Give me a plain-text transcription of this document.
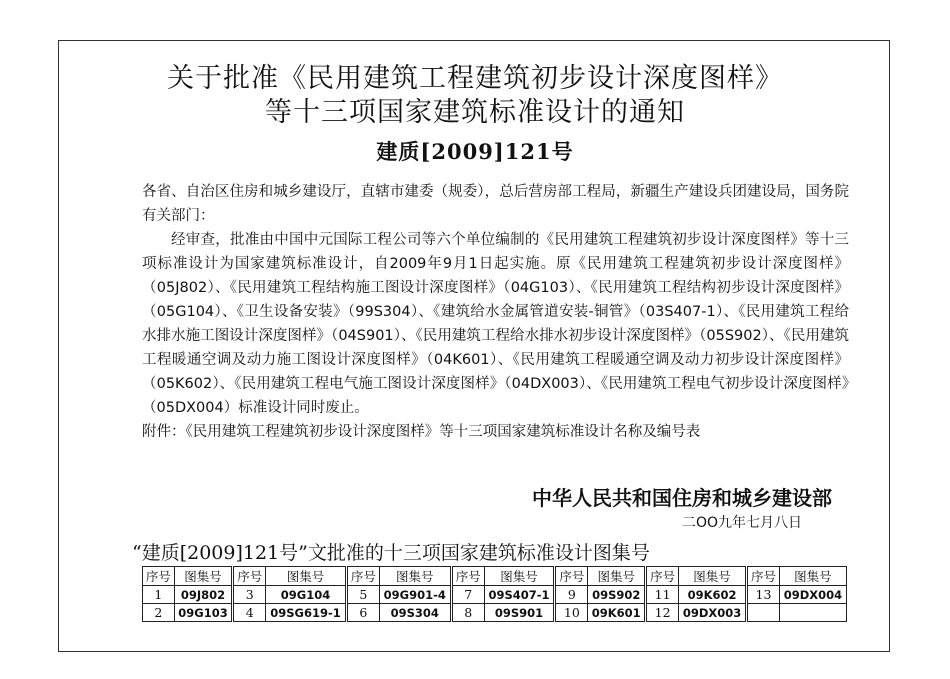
关于批准《民用建筑工程建筑初步设计深度图样》
等十三项国家建筑标准设计的通知
建质[2009]121号

各省、自治区住房和城乡建设厅，直辖市建委（规委），总后营房部工程局，新疆生产建设兵团建设局，国务院有关部门：

经审查，批准由中国中元国际工程公司等六个单位编制的《民用建筑工程建筑初步设计深度图样》等十三项标准设计为国家建筑标准设计，自2009年9月1日起实施。原《民用建筑工程建筑初步设计深度图样》（05J802）、《民用建筑工程结构施工图设计深度图样》（04G103）、《民用建筑工程结构初步设计深度图样》（05G104）、《卫生设备安装》（99S304）、《建筑给水金属管道安装-铜管》（03S407-1）、《民用建筑工程给水排水施工图设计深度图样》（04S901）、《民用建筑工程给水排水初步设计深度图样》（05S902）、《民用建筑工程暖通空调及动力施工图设计深度图样》（04K601）、《民用建筑工程暖通空调及动力初步设计深度图样》（05K602）、《民用建筑工程电气施工图设计深度图样》（04DX003）、《民用建筑工程电气初步设计深度图样》（05DX004）标准设计同时废止。

附件：《民用建筑工程建筑初步设计深度图样》等十三项国家建筑标准设计名称及编号表

中华人民共和国住房和城乡建设部
二OO九年七月八日
“建质[2009]121号”文批准的十三项国家建筑标准设计图集号
序号	图集号	序号	图集号	序号	图集号	序号	图集号	序号	图集号	序号	图集号	序号	图集号
1	09J802	3	09G104	5	09G901-4	7	09S407-1	9	09S902	11	09K602	13	09DX004
2	09G103	4	09SG619-1	6	09S304	8	09S901	10	09K601	12	09DX003		
